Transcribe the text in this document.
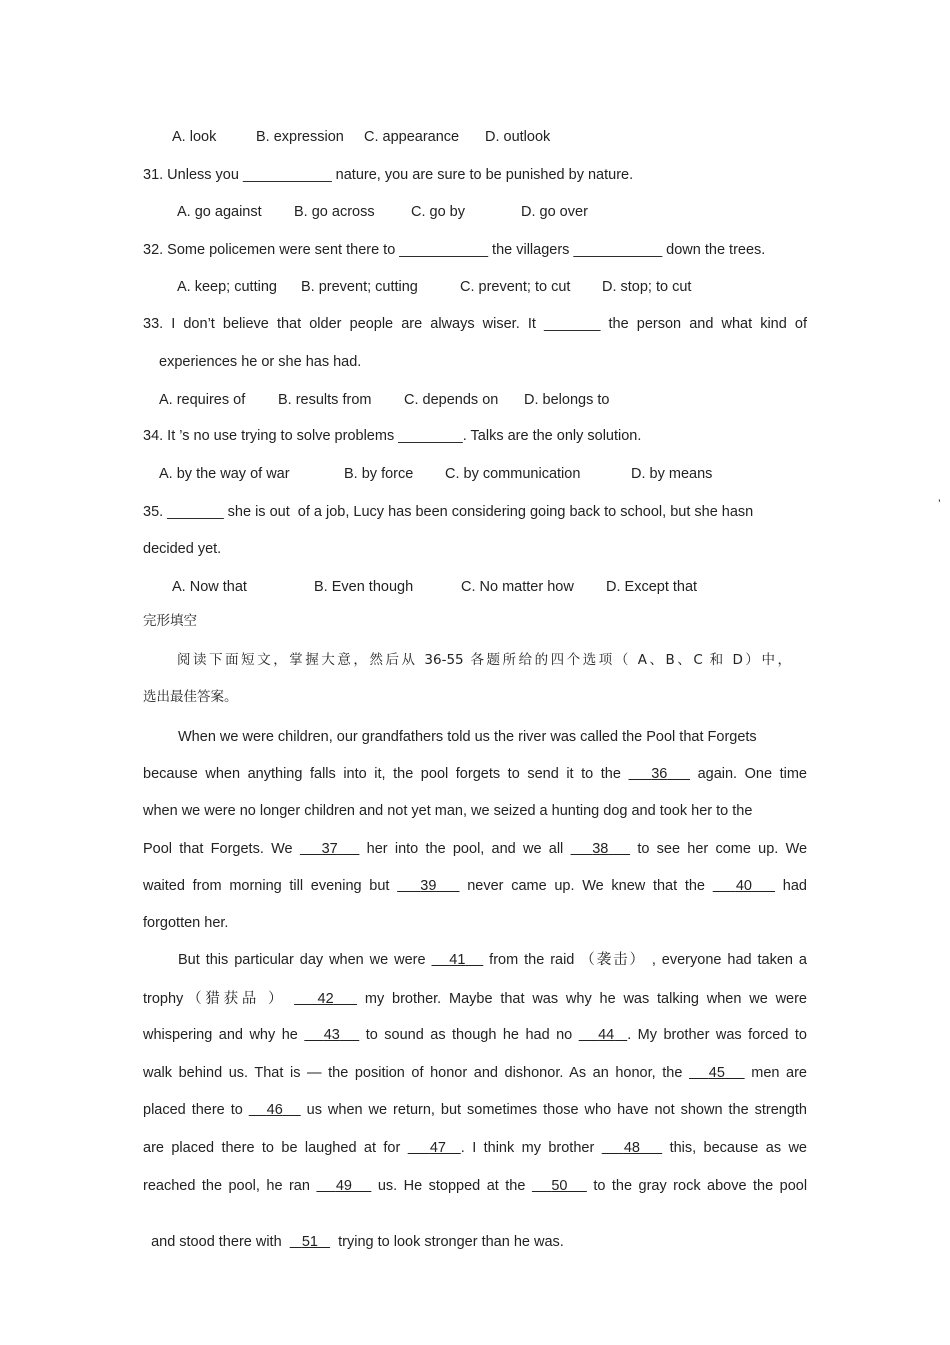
A. look	B. expression C. appearance D. outlook
31. Unless you ___________ nature, you are sure to be punished by nature.
A. go against B. go across	C. go by	D. go over
32. Some policemen were sent there to ___________ the villagers ___________ down the trees.
A. keep; cutting B. prevent; cutting	C. prevent; to cut D. stop; to cut
33. I don’t believe that older people are always wiser. It _______ the person and what kind of
experiences he or she has had.
A. requires of B. results from C. depends on D. belongs to
34. It ’s no use trying to solve problems ________. Talks are the only solution.
A. by the way of war	B. by force C. by communication	D. by means
35. _______ she is out  of a job, Lucy has been considering going back to school, but she hasn	’
decided yet.
A. Now that	B. Even though	C. No matter how D. Except that
完形填空
阅读下面短文，掌握大意，然后从 36-55 各题所给的四个选项（ A、B、C 和 D）中，
选出最佳答案。
When we were children, our grandfathers told us the river was called the Pool that Forgets
because when anything falls into it, the pool forgets to send it to the 36 again. One time
when we were no longer children and not yet man, we seized a hunting dog and took her to the
Pool that Forgets. We 37 her into the pool, and we all 38 to see her come up. We
waited from morning till evening but 39 never came up. We knew that the 40 had
forgotten her.
But this particular day when we were 41 from the raid （袭击） , everyone had taken a
trophy（猎获品 ） 42 my brother. Maybe that was why he was talking when we were
whispering and why he 43 to sound as though he had no 44 . My brother was forced to
walk behind us. That is — the position of honor and dishonor. As an honor, the 45 men are
placed there to 46 us when we return, but sometimes those who have not shown the strength
are placed there to be laughed at for 47 . I think my brother 48 this, because as we
reached the pool, he ran 49 us. He stopped at the 50 to the gray rock above the pool

and stood there with 51 trying to look stronger than he was.
